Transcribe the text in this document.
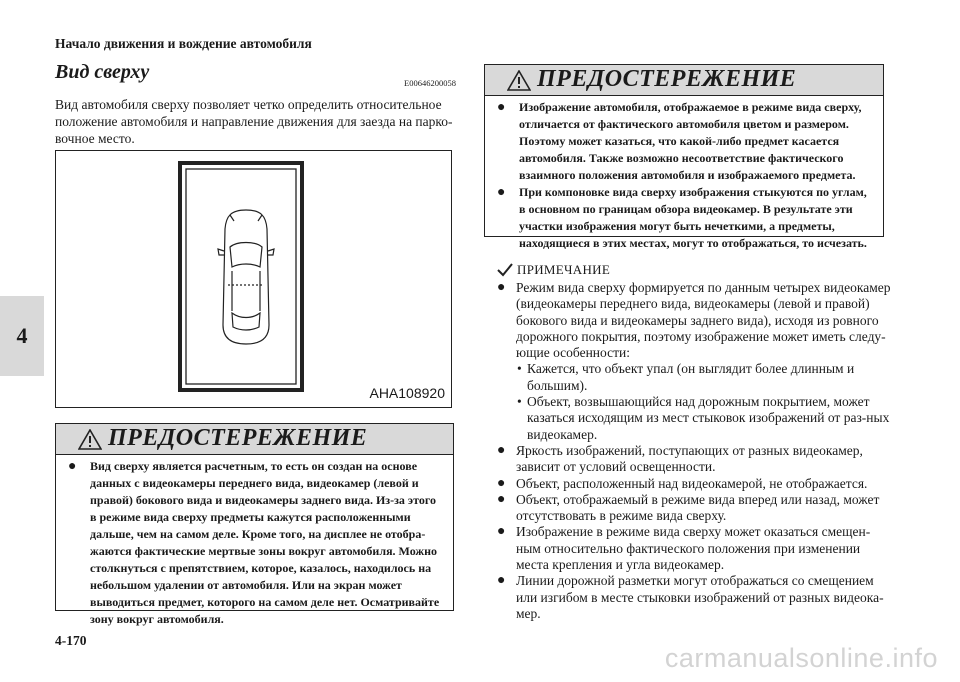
Начало движения и вождение автомобиля
4
Вид сверху	E00646200058

Вид автомобиля сверху позволяет четко определить относительное положение автомобиля и направление движения для заезда на парко-вочное место.

AHA108920
ПРЕДОСТЕРЕЖЕНИЕ
● Вид сверху является расчетным, то есть он создан на основе данных с видеокамеры переднего вида, видеокамер (левой и правой) бокового вида и видеокамеры заднего вида. Из-за этого в режиме вида сверху предметы кажутся расположенными дальше, чем на самом деле. Кроме того, на дисплее не отобра-жаются фактические мертвые зоны вокруг автомобиля. Можно столкнуться с препятствием, которое, казалось, находилось на небольшом удалении от автомобиля. Или на экран может выводиться предмет, которого на самом деле нет. Осматривайте зону вокруг автомобиля.
ПРЕДОСТЕРЕЖЕНИЕ
● Изображение автомобиля, отображаемое в режиме вида сверху, отличается от фактического автомобиля цветом и размером. Поэтому может казаться, что какой-либо предмет касается автомобиля. Также возможно несоответствие фактического взаимного положения автомобиля и изображаемого предмета.
● При компоновке вида сверху изображения стыкуются по углам, в основном по границам обзора видеокамер. В результате эти участки изображения могут быть нечеткими, а предметы, находящиеся в этих местах, могут то отображаться, то исчезать.
ПРИМЕЧАНИЕ
● Режим вида сверху формируется по данным четырех видеокамер (видеокамеры переднего вида, видеокамеры (левой и правой) бокового вида и видеокамеры заднего вида), исходя из ровного дорожного покрытия, поэтому изображение может иметь следу-ющие особенности:
• Кажется, что объект упал (он выглядит более длинным и большим).
• Объект, возвышающийся над дорожным покрытием, может казаться исходящим из мест стыковок изображений от раз-ных видеокамер.
● Яркость изображений, поступающих от разных видеокамер, зависит от условий освещенности.
● Объект, расположенный над видеокамерой, не отображается.
● Объект, отображаемый в режиме вида вперед или назад, может отсутствовать в режиме вида сверху.
● Изображение в режиме вида сверху может оказаться смещен-ным относительно фактического положения при изменении места крепления и угла видеокамер.
● Линии дорожной разметки могут отображаться со смещением или изгибом в месте стыковки изображений от разных видеока-мер.
4-170
carmanualsonline.info
